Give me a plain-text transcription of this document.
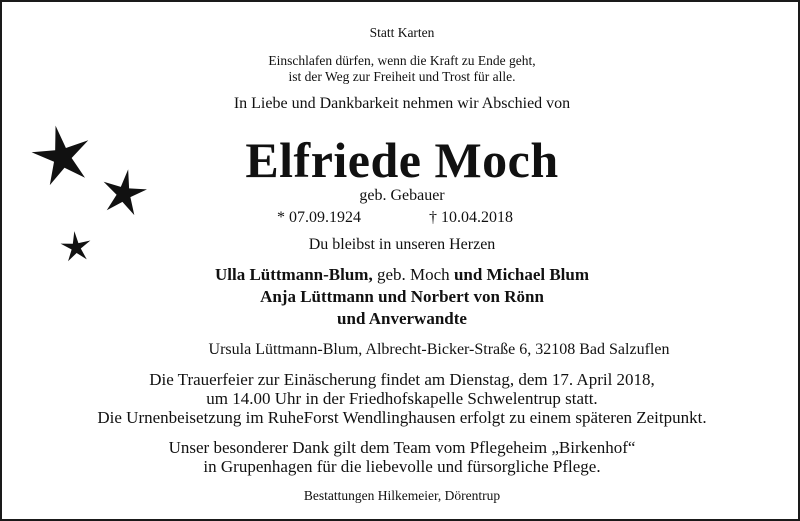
Statt Karten
Einschlafen dürfen, wenn die Kraft zu Ende geht,
ist der Weg zur Freiheit und Trost für alle.
In Liebe und Dankbarkeit nehmen wir Abschied von
Elfriede Moch
geb. Gebauer
* 07.09.1924	† 10.04.2018
Du bleibst in unseren Herzen
Ulla Lüttmann-Blum, geb. Moch und Michael Blum
Anja Lüttmann und Norbert von Rönn
und Anverwandte
Ursula Lüttmann-Blum, Albrecht-Bicker-Straße 6, 32108 Bad Salzuflen
Die Trauerfeier zur Einäscherung findet am Dienstag, dem 17. April 2018,
um 14.00 Uhr in der Friedhofskapelle Schwelentrup statt.
Die Urnenbeisetzung im RuheForst Wendlinghausen erfolgt zu einem späteren Zeitpunkt.
Unser besonderer Dank gilt dem Team vom Pflegeheim „Birkenhof“
in Grupenhagen für die liebevolle und fürsorgliche Pflege.
Bestattungen Hilkemeier, Dörentrup
